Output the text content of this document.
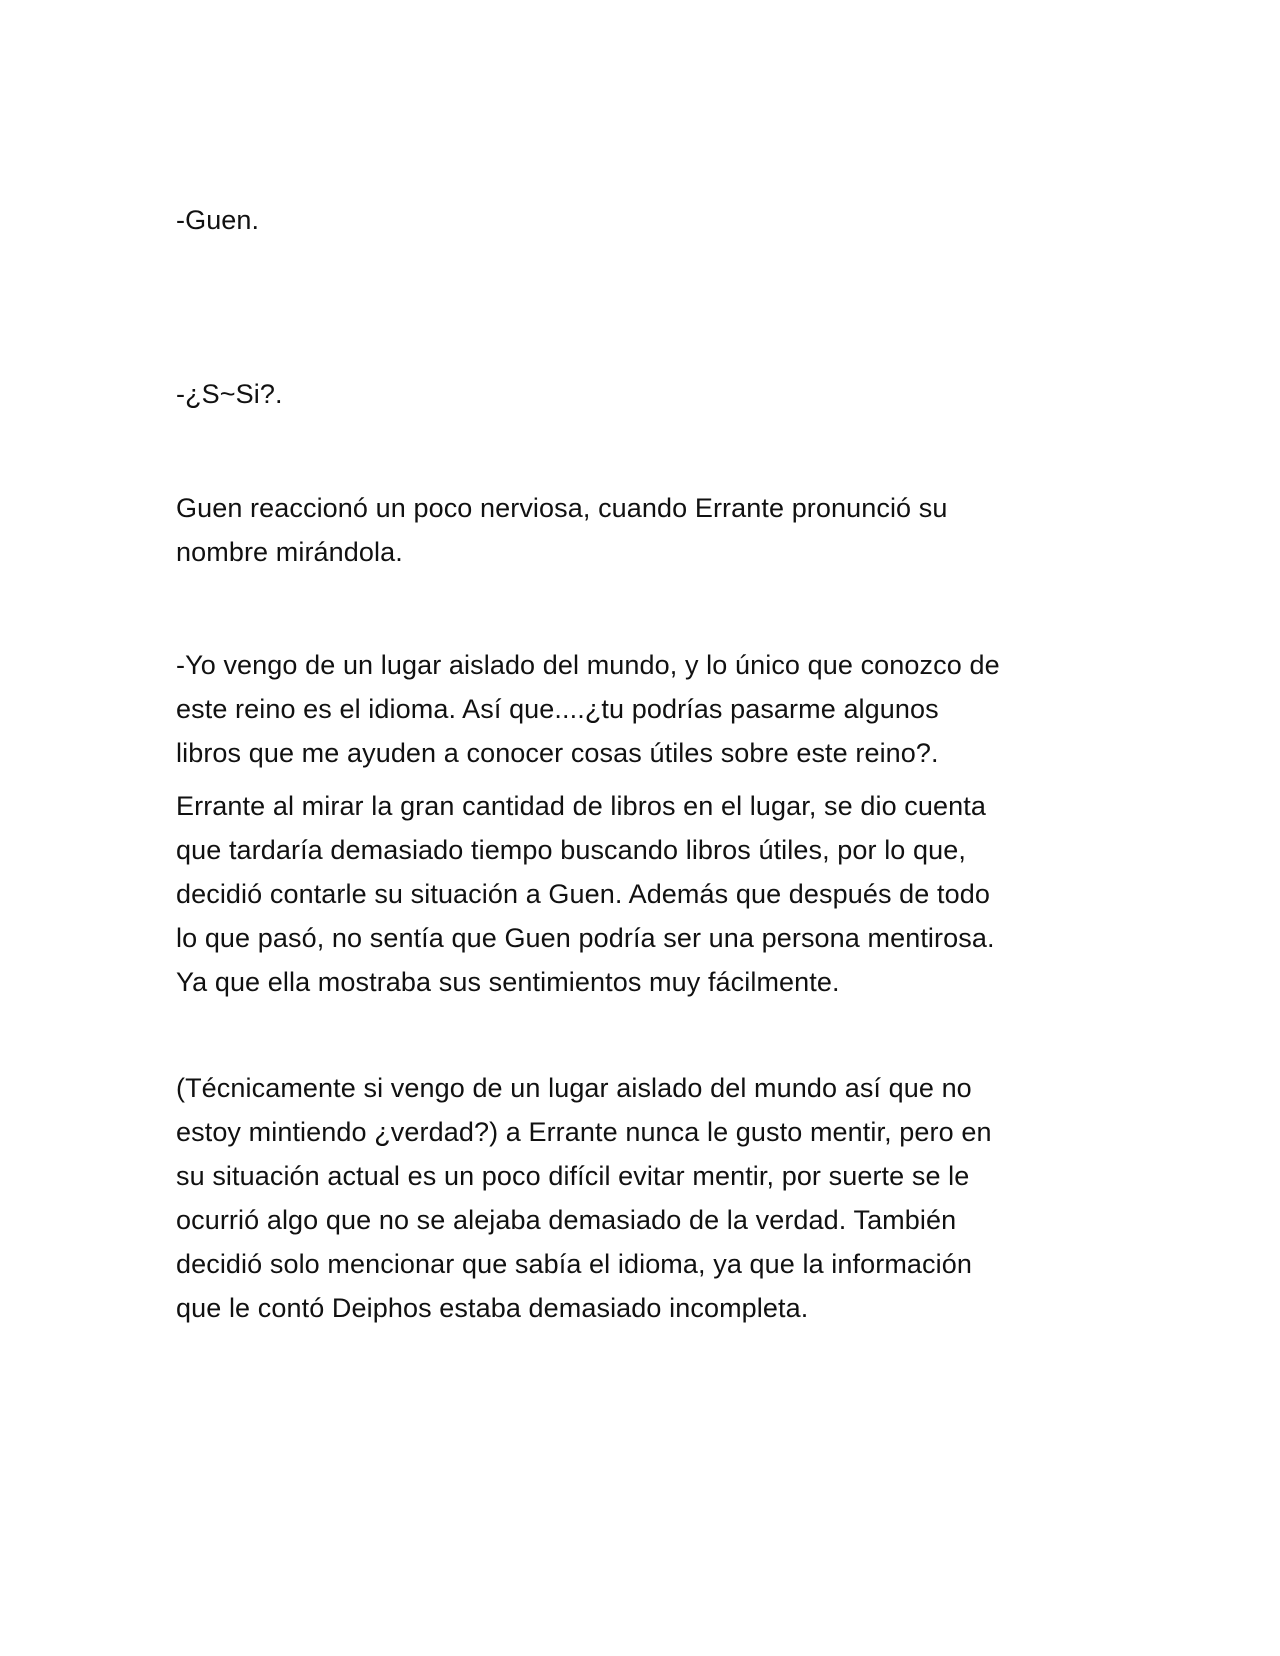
-Guen.

-¿S~Si?.

Guen reaccionó un poco nerviosa, cuando Errante pronunció su
nombre mirándola.

-Yo vengo de un lugar aislado del mundo, y lo único que conozco de
este reino es el idioma. Así que....¿tu podrías pasarme algunos
libros que me ayuden a conocer cosas útiles sobre este reino?.

Errante al mirar la gran cantidad de libros en el lugar, se dio cuenta
que tardaría demasiado tiempo buscando libros útiles, por lo que,
decidió contarle su situación a Guen. Además que después de todo
lo que pasó, no sentía que Guen podría ser una persona mentirosa.
Ya que ella mostraba sus sentimientos muy fácilmente.

(Técnicamente si vengo de un lugar aislado del mundo así que no
estoy mintiendo ¿verdad?) a Errante nunca le gusto mentir, pero en
su situación actual es un poco difícil evitar mentir, por suerte se le
ocurrió algo que no se alejaba demasiado de la verdad. También
decidió solo mencionar que sabía el idioma, ya que la información
que le contó Deiphos estaba demasiado incompleta.
